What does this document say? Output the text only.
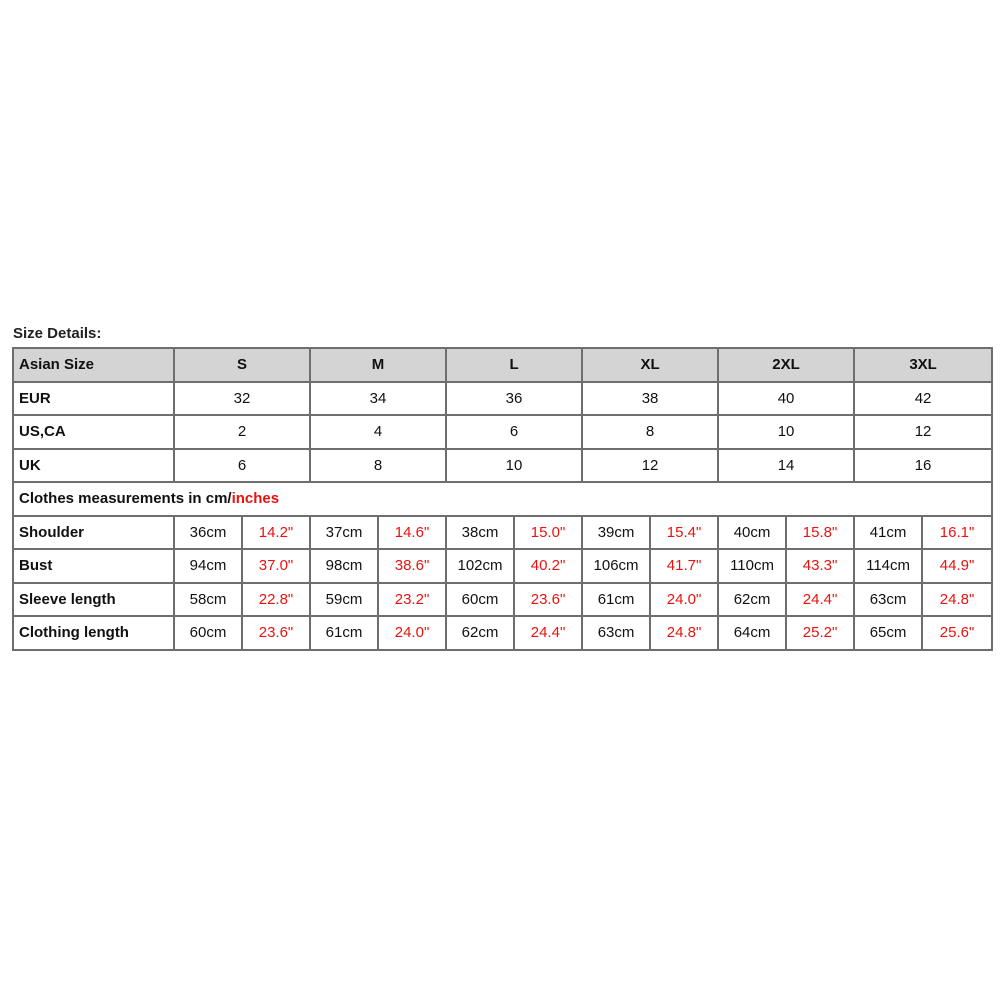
Size Details:
Asian Size	S		M		L		XL		2XL		3XL	
EUR	32		34		36		38		40		42	
US,CA	2		4		6		8		10		12	
UK	6		8		10		12		14		16	
Clothes measurements in cm/inches												
Shoulder	36cm	14.2"	37cm	14.6"	38cm	15.0"	39cm	15.4"	40cm	15.8"	41cm	16.1"
Bust	94cm	37.0"	98cm	38.6"	102cm	40.2"	106cm	41.7"	110cm	43.3"	114cm	44.9"
Sleeve length	58cm	22.8"	59cm	23.2"	60cm	23.6"	61cm	24.0"	62cm	24.4"	63cm	24.8"
Clothing length	60cm	23.6"	61cm	24.0"	62cm	24.4"	63cm	24.8"	64cm	25.2"	65cm	25.6"
